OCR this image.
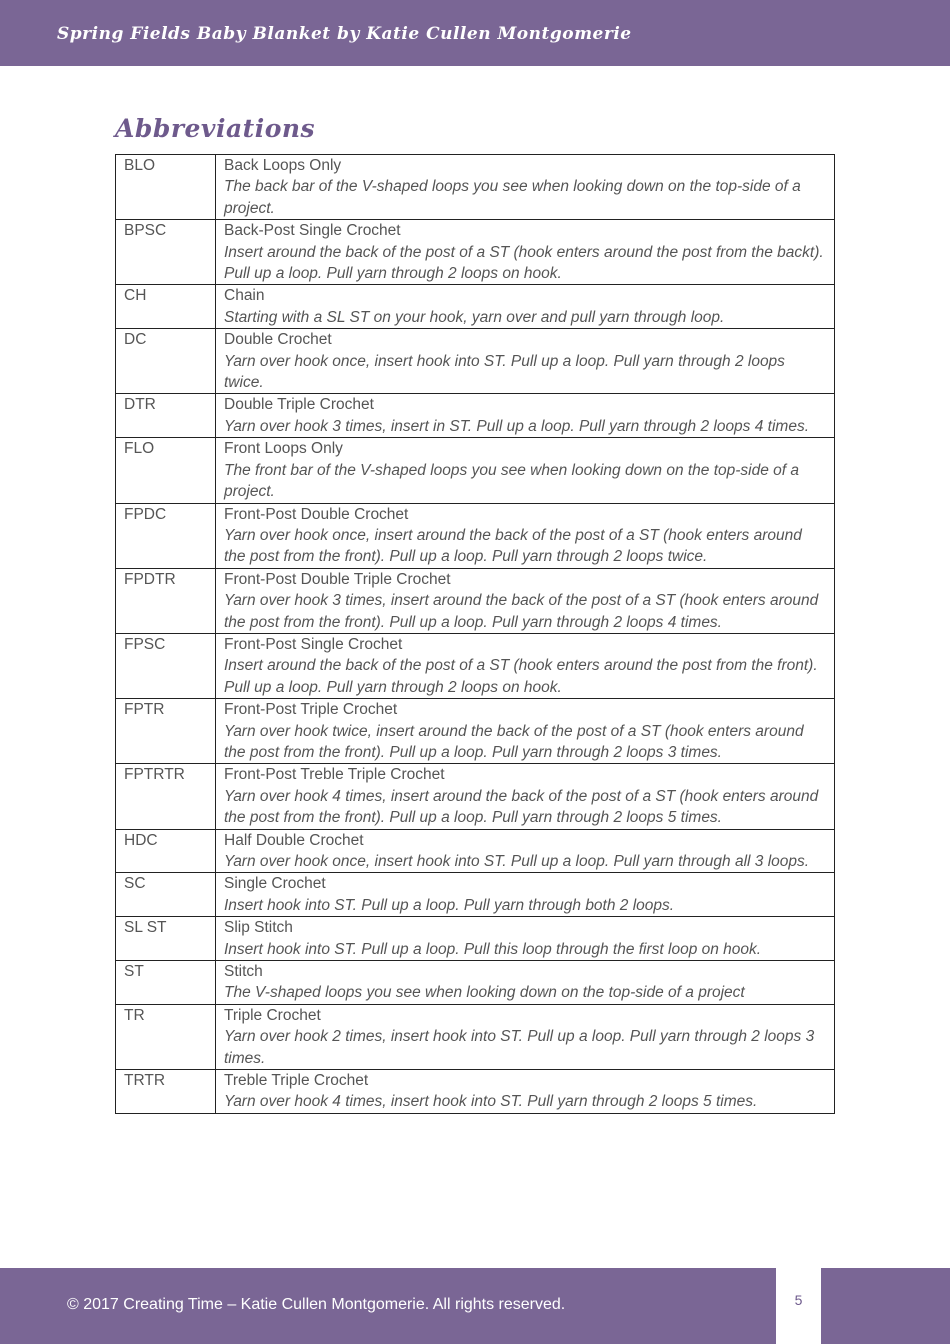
Spring Fields Baby Blanket by Katie Cullen Montgomerie
Abbreviations
BLO	Back Loops Only
The back bar of the V-shaped loops you see when looking down on the top-side of a project.

BPSC	Back-Post Single Crochet
Insert around the back of the post of a ST (hook enters around the post from the backt). Pull up a loop. Pull yarn through 2 loops on hook.

CH	Chain
Starting with a SL ST on your hook, yarn over and pull yarn through loop.

DC	Double Crochet
Yarn over hook once, insert hook into ST. Pull up a loop. Pull yarn through 2 loops twice.

DTR	Double Triple Crochet
Yarn over hook 3 times, insert in ST. Pull up a loop. Pull yarn through 2 loops 4 times.

FLO	Front Loops Only
The front bar of the V-shaped loops you see when looking down on the top-side of a project.

FPDC	Front-Post Double Crochet
Yarn over hook once, insert around the back of the post of a ST (hook enters around the post from the front). Pull up a loop. Pull yarn through 2 loops twice.

FPDTR	Front-Post Double Triple Crochet
Yarn over hook 3 times, insert around the back of the post of a ST (hook enters around the post from the front). Pull up a loop. Pull yarn through 2 loops 4 times.

FPSC	Front-Post Single Crochet
Insert around the back of the post of a ST (hook enters around the post from the front). Pull up a loop. Pull yarn through 2 loops on hook.

FPTR	Front-Post Triple Crochet
Yarn over hook twice, insert around the back of the post of a ST (hook enters around the post from the front). Pull up a loop. Pull yarn through 2 loops 3 times.

FPTRTR	Front-Post Treble Triple Crochet
Yarn over hook 4 times, insert around the back of the post of a ST (hook enters around the post from the front). Pull up a loop. Pull yarn through 2 loops 5 times.

HDC	Half Double Crochet
Yarn over hook once, insert hook into ST. Pull up a loop. Pull yarn through all 3 loops.

SC	Single Crochet
Insert hook into ST. Pull up a loop. Pull yarn through both 2 loops.

SL ST	Slip Stitch
Insert hook into ST. Pull up a loop. Pull this loop through the first loop on hook.

ST	Stitch
The V-shaped loops you see when looking down on the top-side of a project

TR	Triple Crochet
Yarn over hook 2 times, insert hook into ST. Pull up a loop. Pull yarn through 2 loops 3 times.

TRTR	Treble Triple Crochet
Yarn over hook 4 times, insert hook into ST. Pull yarn through 2 loops 5 times.
© 2017 Creating Time – Katie Cullen Montgomerie. All rights reserved.	5
